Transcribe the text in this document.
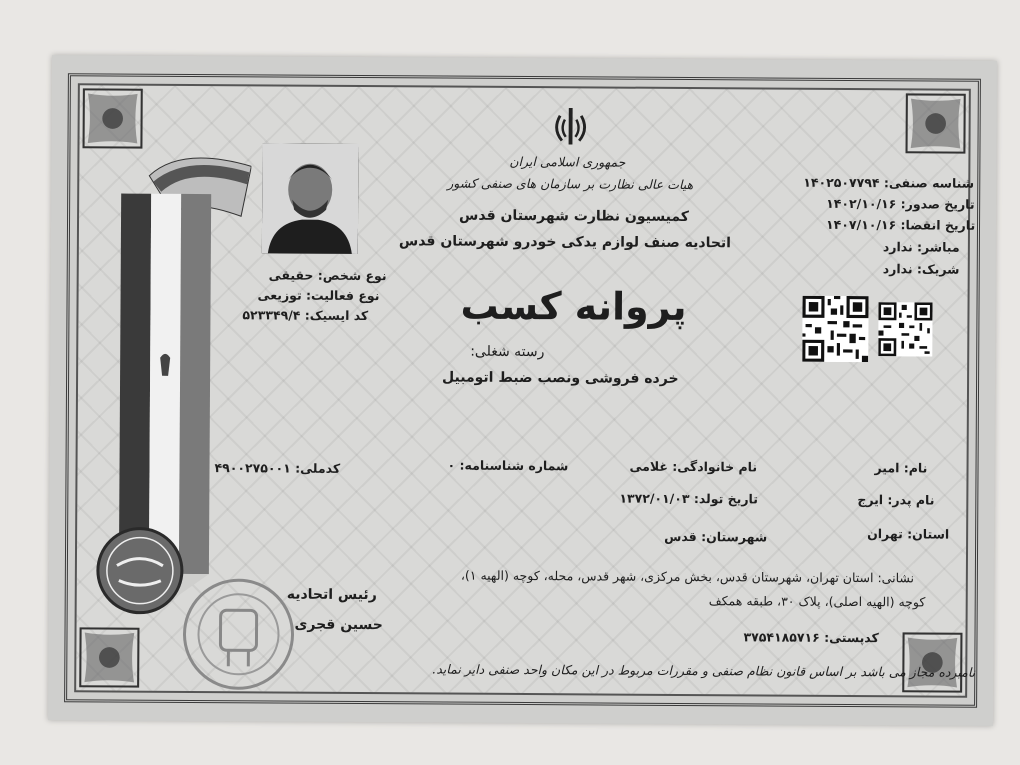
جمهوری اسلامی ایران
هیات عالی نظارت بر سازمان های صنفی کشور
کمیسیون نظارت شهرستان قدس
اتحادیه صنف لوازم یدکی خودرو شهرستان قدس
نوع شخص: حقیقی
نوع فعالیت: توزیعی
کد ایسیک: ۵۲۳۳۴۹/۴
شناسه صنفی: ۱۴۰۲۵۰۷۷۹۴
تاریخ صدور: ۱۴۰۲/۱۰/۱۶
تاریخ انقضا: ۱۴۰۷/۱۰/۱۶
مباشر: ندارد
شریک: ندارد
پروانه کسب
رسته شغلی:
خرده فروشی ونصب ضبط اتومبیل
نام: امیر
نام خانوادگی: غلامی
شماره شناسنامه: ۰
کدملی: ۴۹۰۰۲۷۵۰۰۱
نام پدر: ایرج
تاریخ تولد: ۱۳۷۲/۰۱/۰۳
استان: تهران
شهرستان: قدس
نشانی: استان تهران، شهرستان قدس، بخش مرکزی، شهر قدس، محله، کوچه (الهیه ۱)،
کوچه (الهیه اصلی)، پلاک ۳۰، طبقه همکف
کدپستی: ۳۷۵۴۱۸۵۷۱۶
رئیس اتحادیه
حسین قجری
نامبرده مجاز می باشد بر اساس قانون نظام صنفی و مقررات مربوط در این مکان واحد صنفی دایر نماید.
